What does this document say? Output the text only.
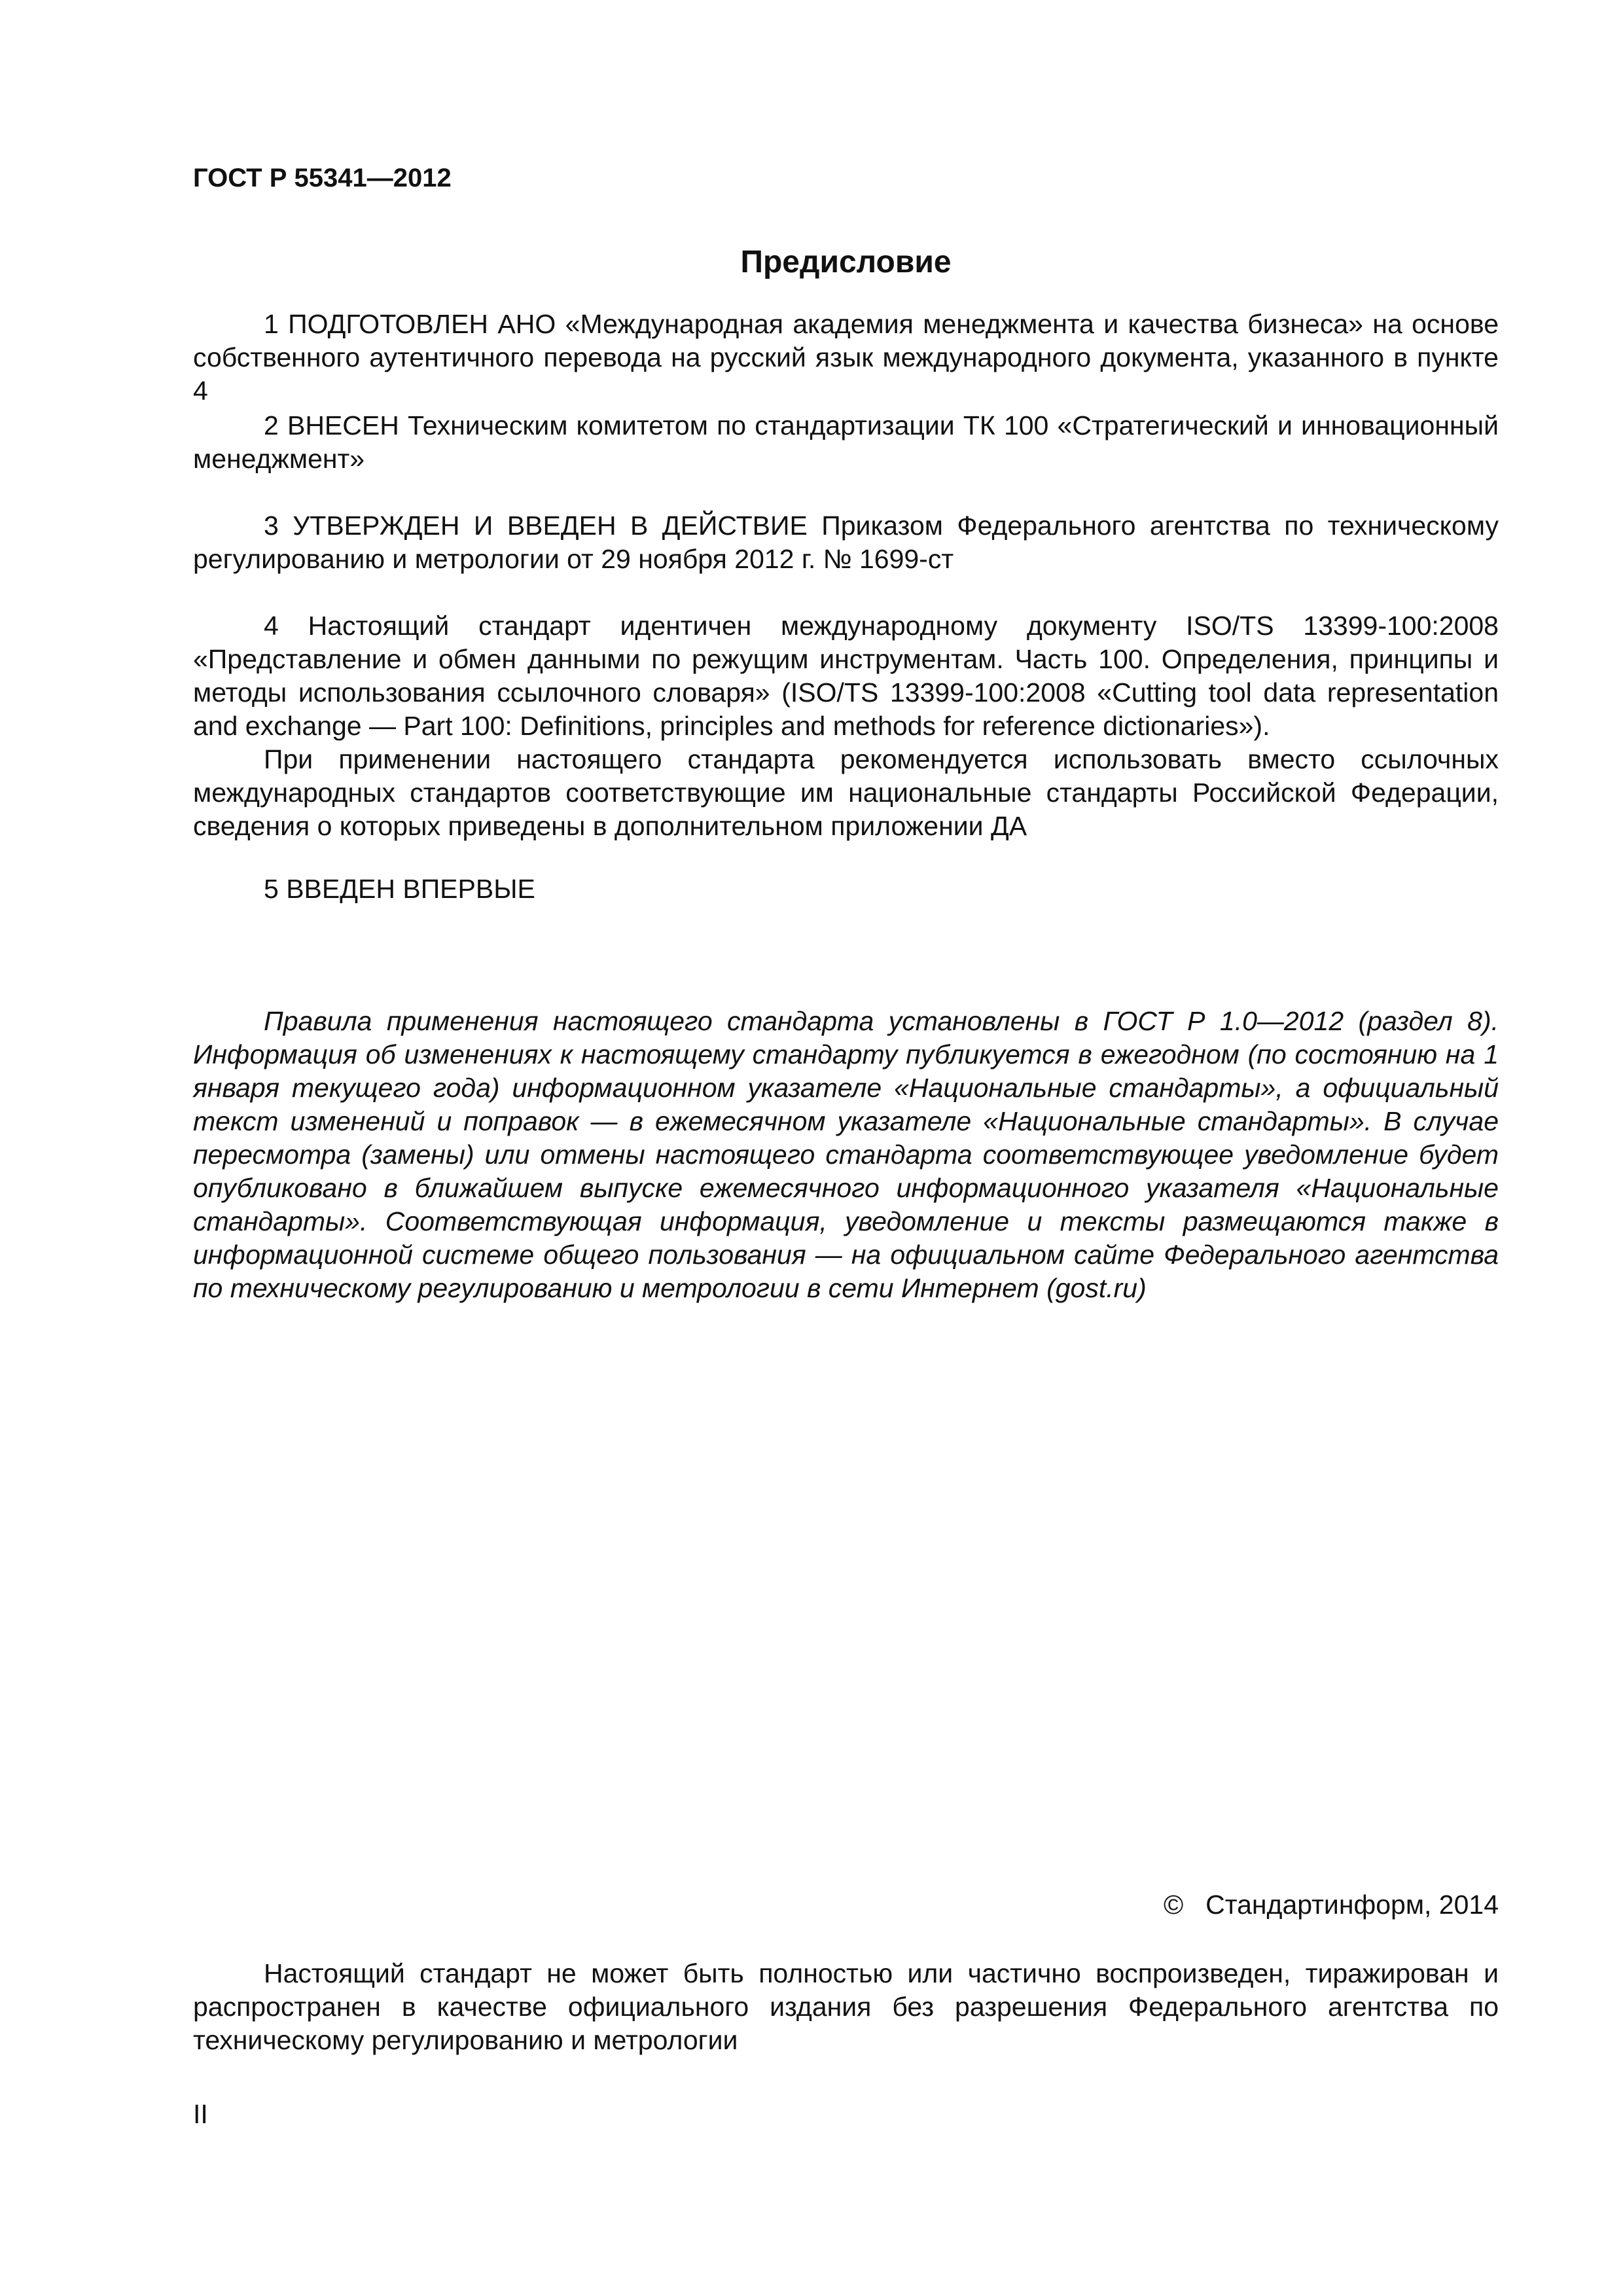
ГОСТ Р 55341—2012
Предисловие

1 ПОДГОТОВЛЕН АНО «Международная академия менеджмента и качества бизнеса» на основе собственного аутентичного перевода на русский язык международного документа, указанного в пункте 4

2 ВНЕСЕН Техническим комитетом по стандартизации ТК 100 «Стратегический и инновационный менеджмент»

3 УТВЕРЖДЕН И ВВЕДЕН В ДЕЙСТВИЕ Приказом Федерального агентства по техническому регулированию и метрологии от 29 ноября 2012 г. № 1699-ст

4 Настоящий стандарт идентичен международному документу ISO/TS 13399-100:2008 «Представление и обмен данными по режущим инструментам. Часть 100. Определения, принципы и методы использования ссылочного словаря» (ISO/TS 13399-100:2008 «Cutting tool data representation and exchange — Part 100: Definitions, principles and methods for reference dictionaries»).

При применении настоящего стандарта рекомендуется использовать вместо ссылочных международных стандартов соответствующие им национальные стандарты Российской Федерации, сведения о которых приведены в дополнительном приложении ДА

5 ВВЕДЕН ВПЕРВЫЕ

Правила применения настоящего стандарта установлены в ГОСТ Р 1.0—2012 (раздел 8). Информация об изменениях к настоящему стандарту публикуется в ежегодном (по состоянию на 1 января текущего года) информационном указателе «Национальные стандарты», а официальный текст изменений и поправок — в ежемесячном указателе «Национальные стандарты». В случае пересмотра (замены) или отмены настоящего стандарта соответствующее уведомление будет опубликовано в ближайшем выпуске ежемесячного информационного указателя «Национальные стандарты». Соответствующая информация, уведомление и тексты размещаются также в информационной системе общего пользования — на официальном сайте Федерального агентства по техническому регулированию и метрологии в сети Интернет (gost.ru)

© Стандартинформ, 2014

Настоящий стандарт не может быть полностью или частично воспроизведен, тиражирован и распространен в качестве официального издания без разрешения Федерального агентства по техническому регулированию и метрологии

II
